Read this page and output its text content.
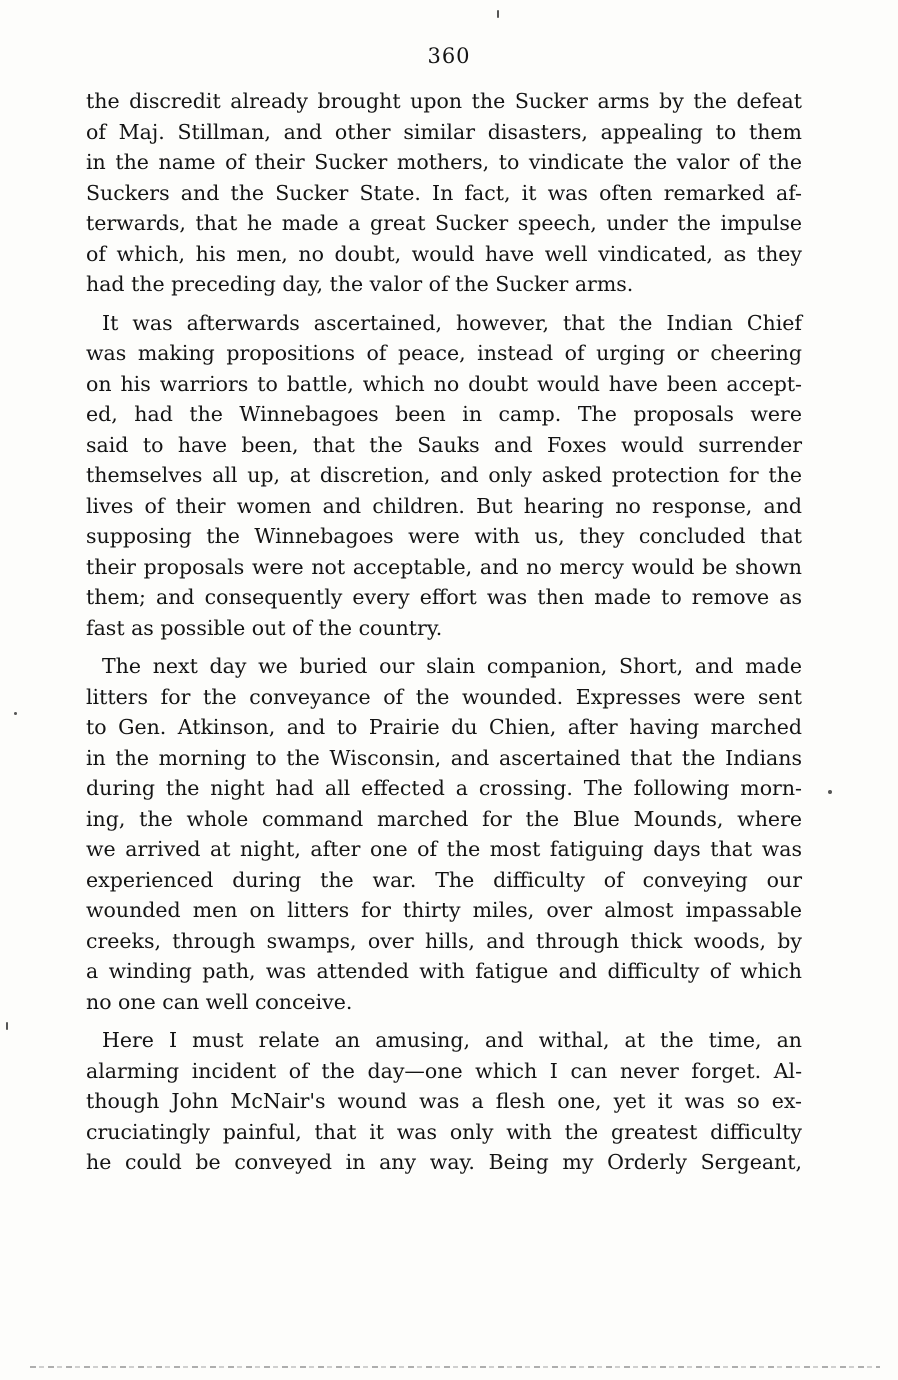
360

the discredit already brought upon the Sucker arms by the defeat
of Maj. Stillman, and other similar disasters, appealing to them
in the name of their Sucker mothers, to vindicate the valor of the
Suckers and the Sucker State. In fact, it was often remarked af-
terwards, that he made a great Sucker speech, under the impulse
of which, his men, no doubt, would have well vindicated, as they
had the preceding day, the valor of the Sucker arms.

It was afterwards ascertained, however, that the Indian Chief
was making propositions of peace, instead of urging or cheering
on his warriors to battle, which no doubt would have been accept-
ed, had the Winnebagoes been in camp. The proposals were
said to have been, that the Sauks and Foxes would surrender
themselves all up, at discretion, and only asked protection for the
lives of their women and children. But hearing no response, and
supposing the Winnebagoes were with us, they concluded that
their proposals were not acceptable, and no mercy would be shown
them; and consequently every effort was then made to remove as
fast as possible out of the country.

The next day we buried our slain companion, Short, and made
litters for the conveyance of the wounded. Expresses were sent
to Gen. Atkinson, and to Prairie du Chien, after having marched
in the morning to the Wisconsin, and ascertained that the Indians
during the night had all effected a crossing. The following morn-
ing, the whole command marched for the Blue Mounds, where
we arrived at night, after one of the most fatiguing days that was
experienced during the war. The difficulty of conveying our
wounded men on litters for thirty miles, over almost impassable
creeks, through swamps, over hills, and through thick woods, by
a winding path, was attended with fatigue and difficulty of which
no one can well conceive.

Here I must relate an amusing, and withal, at the time, an
alarming incident of the day—one which I can never forget. Al-
though John McNair's wound was a flesh one, yet it was so ex-
cruciatingly painful, that it was only with the greatest difficulty
he could be conveyed in any way. Being my Orderly Sergeant,
